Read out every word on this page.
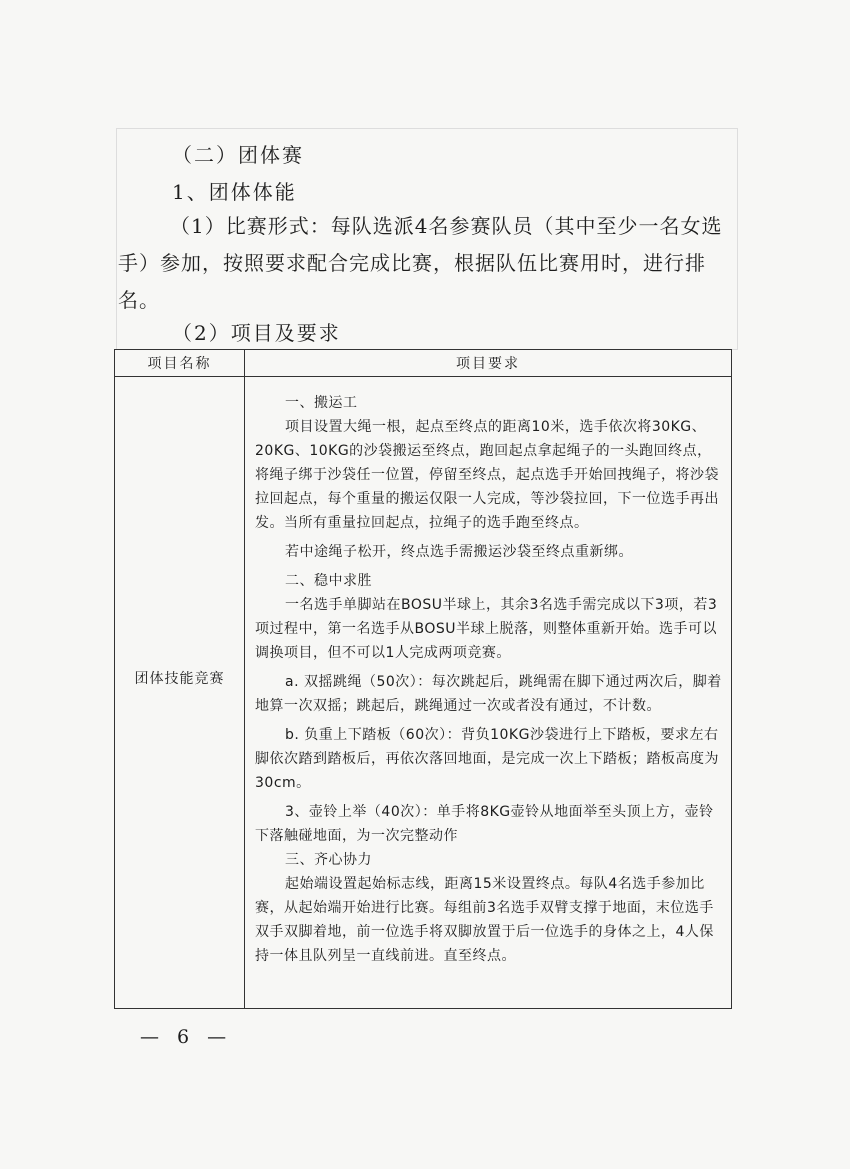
（二）团体赛
1、团体体能
（1）比赛形式：每队选派4名参赛队员（其中至少一名女选手）参加，按照要求配合完成比赛，根据队伍比赛用时，进行排名。
（2）项目及要求
项目名称	项目要求
团体技能竞赛

一、搬运工

项目设置大绳一根，起点至终点的距离10米，选手依次将30KG、20KG、10KG的沙袋搬运至终点，跑回起点拿起绳子的一头跑回终点，将绳子绑于沙袋任一位置，停留至终点，起点选手开始回拽绳子，将沙袋拉回起点，每个重量的搬运仅限一人完成，等沙袋拉回，下一位选手再出发。当所有重量拉回起点，拉绳子的选手跑至终点。

若中途绳子松开，终点选手需搬运沙袋至终点重新绑。

二、稳中求胜

一名选手单脚站在BOSU半球上，其余3名选手需完成以下3项，若3项过程中，第一名选手从BOSU半球上脱落，则整体重新开始。选手可以调换项目，但不可以1人完成两项竞赛。

a. 双摇跳绳（50次）：每次跳起后，跳绳需在脚下通过两次后，脚着地算一次双摇；跳起后，跳绳通过一次或者没有通过，不计数。

b. 负重上下踏板（60次）：背负10KG沙袋进行上下踏板，要求左右脚依次踏到踏板后，再依次落回地面，是完成一次上下踏板；踏板高度为30cm。

3、壶铃上举（40次）：单手将8KG壶铃从地面举至头顶上方，壶铃下落触碰地面，为一次完整动作

三、齐心协力

起始端设置起始标志线，距离15米设置终点。每队4名选手参加比赛，从起始端开始进行比赛。每组前3名选手双臂支撑于地面，末位选手双手双脚着地，前一位选手将双脚放置于后一位选手的身体之上，4人保持一体且队列呈一直线前进。直至终点。

— 6 —
